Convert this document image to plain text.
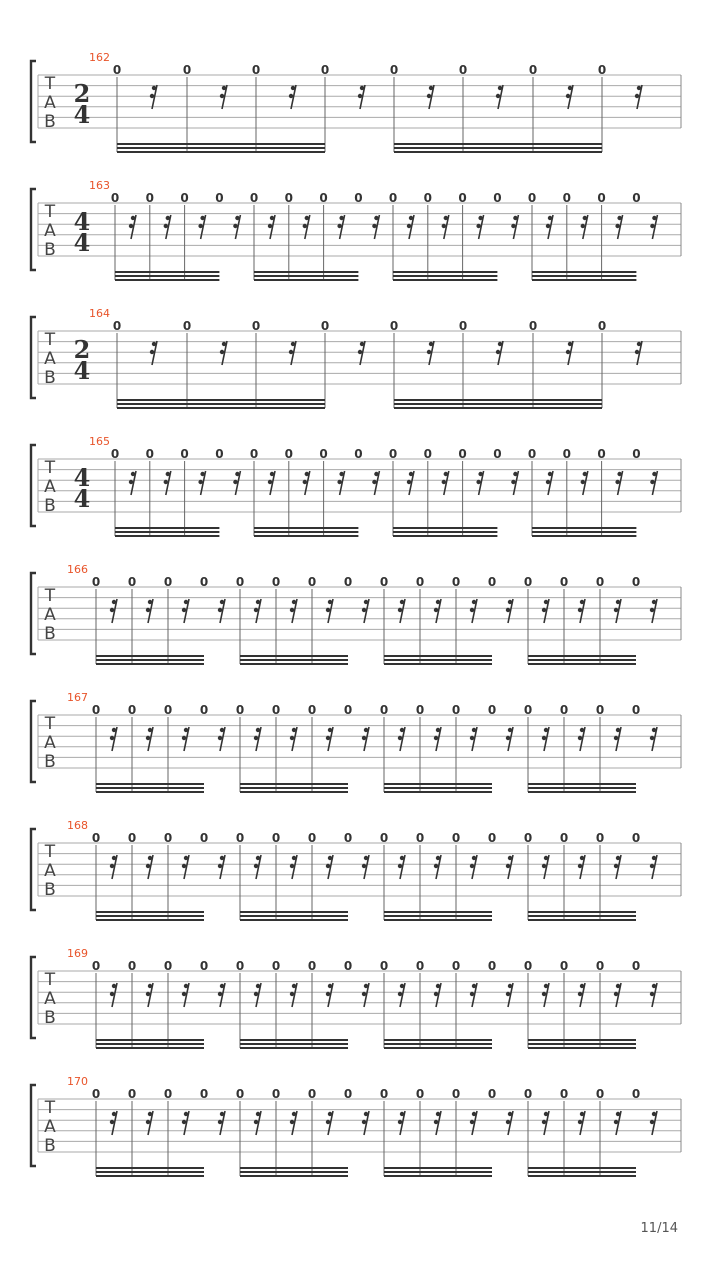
T
A
B
162
2
4
0	0	0	0	0	0	0	0
T
A
B
163
4
4
0 0 0 0 0 0 0 0 0 0 0 0 0 0 0 0
T
A
B
164
2
4
0	0	0	0	0	0	0	0
T
A
B
165
4
4
0 0 0 0 0 0 0 0 0 0 0 0 0 0 0 0
T
A
B
166
0 0 0 0 0 0 0 0 0 0 0 0 0 0 0 0
T
A
B
167
0 0 0 0 0 0 0 0 0 0 0 0 0 0 0 0
T
A
B
168
0 0 0 0 0 0 0 0 0 0 0 0 0 0 0 0
T
A
B
169
0 0 0 0 0 0 0 0 0 0 0 0 0 0 0 0
T
A
B
170
0 0 0 0 0 0 0 0 0 0 0 0 0 0 0 0
11/14
